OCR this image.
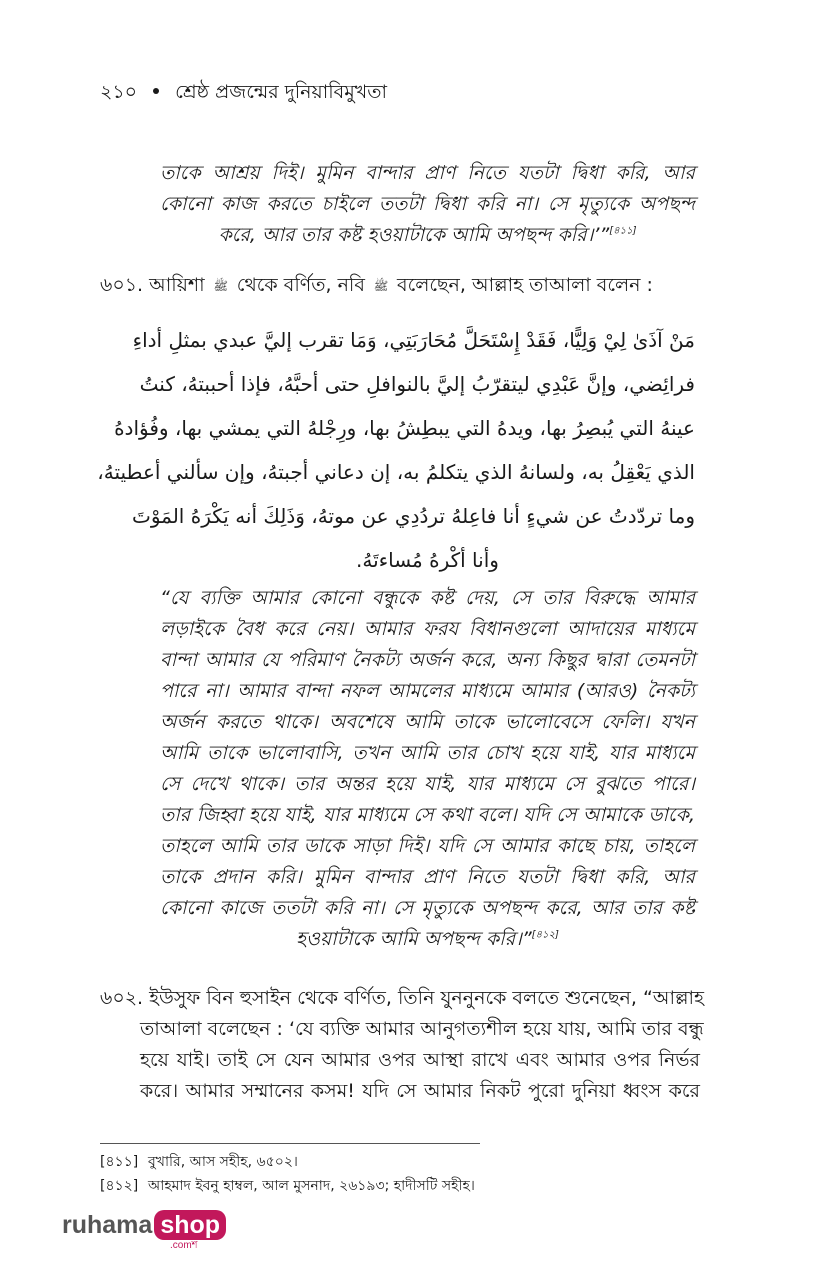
২১০ শ্রেষ্ঠ প্রজন্মের দুনিয়াবিমুখতা
তাকে আশ্রয় দিই। মুমিন বান্দার প্রাণ নিতে যতটা দ্বিধা করি, আর
কোনো কাজ করতে চাইলে ততটা দ্বিধা করি না। সে মৃত্যুকে অপছন্দ
করে, আর তার কষ্ট হওয়াটাকে আমি অপছন্দ করি।’”[৪১১]
৬০১. আয়িশা ﷺ থেকে বর্ণিত, নবি ﷺ বলেছেন, আল্লাহ তাআলা বলেন :
مَنْ آذَىٰ لِيْ وَلِيًّا، فَقَدْ إِسْتَحَلَّ مُحَارَبَتِي، وَمَا تقرب إليَّ عبدي بمثلِ أداءِ
فرائِضي، وإنَّ عَبْدِي ليتقرّبُ إليَّ بالنوافلِ حتى أحبَّهُ، فإذا أحببتهُ، كنتُ
عينهُ التي يُبصِرُ بها، ويدهُ التي يبطِشُ بها، ورِجْلهُ التي يمشي بها، وفُؤادهُ
الذي يَعْقِلُ به، ولسانهُ الذي يتكلمُ به، إن دعاني أجبتهُ، وإن سألني أعطيتهُ،
وما تردّدتُ عن شيءٍ أنا فاعِلهُ تردُدِي عن موتهُ، وَذَلِكَ أنه يَكْرَهُ المَوْتَ
وأنا أكْرهُ مُساءتَهُ.
“যে ব্যক্তি আমার কোনো বন্ধুকে কষ্ট দেয়, সে তার বিরুদ্ধে আমার
লড়াইকে বৈধ করে নেয়। আমার ফরয বিধানগুলো আদায়ের মাধ্যমে
বান্দা আমার যে পরিমাণ নৈকট্য অর্জন করে, অন্য কিছুর দ্বারা তেমনটা
পারে না। আমার বান্দা নফল আমলের মাধ্যমে আমার (আরও) নৈকট্য
অর্জন করতে থাকে। অবশেষে আমি তাকে ভালোবেসে ফেলি। যখন
আমি তাকে ভালোবাসি, তখন আমি তার চোখ হয়ে যাই, যার মাধ্যমে
সে দেখে থাকে। তার অন্তর হয়ে যাই, যার মাধ্যমে সে বুঝতে পারে।
তার জিহ্বা হয়ে যাই, যার মাধ্যমে সে কথা বলে। যদি সে আমাকে ডাকে,
তাহলে আমি তার ডাকে সাড়া দিই। যদি সে আমার কাছে চায়, তাহলে
তাকে প্রদান করি। মুমিন বান্দার প্রাণ নিতে যতটা দ্বিধা করি, আর
কোনো কাজে ততটা করি না। সে মৃত্যুকে অপছন্দ করে, আর তার কষ্ট
হওয়াটাকে আমি অপছন্দ করি।”[৪১২]
৬০২. ইউসুফ বিন হুসাইন থেকে বর্ণিত, তিনি যুননুনকে বলতে শুনেছেন, “আল্লাহ
তাআলা বলেছেন : ‘যে ব্যক্তি আমার আনুগত্যশীল হয়ে যায়, আমি তার বন্ধু
হয়ে যাই। তাই সে যেন আমার ওপর আস্থা রাখে এবং আমার ওপর নির্ভর
করে। আমার সম্মানের কসম! যদি সে আমার নিকট পুরো দুনিয়া ধ্বংস করে
[৪১১] বুখারি, আস সহীহ, ৬৫০২।
[৪১২] আহমাদ ইবনু হাম্বল, আল মুসনাদ, ২৬১৯৩; হাদীসটি সহীহ।
ruhama shop
.comশ
